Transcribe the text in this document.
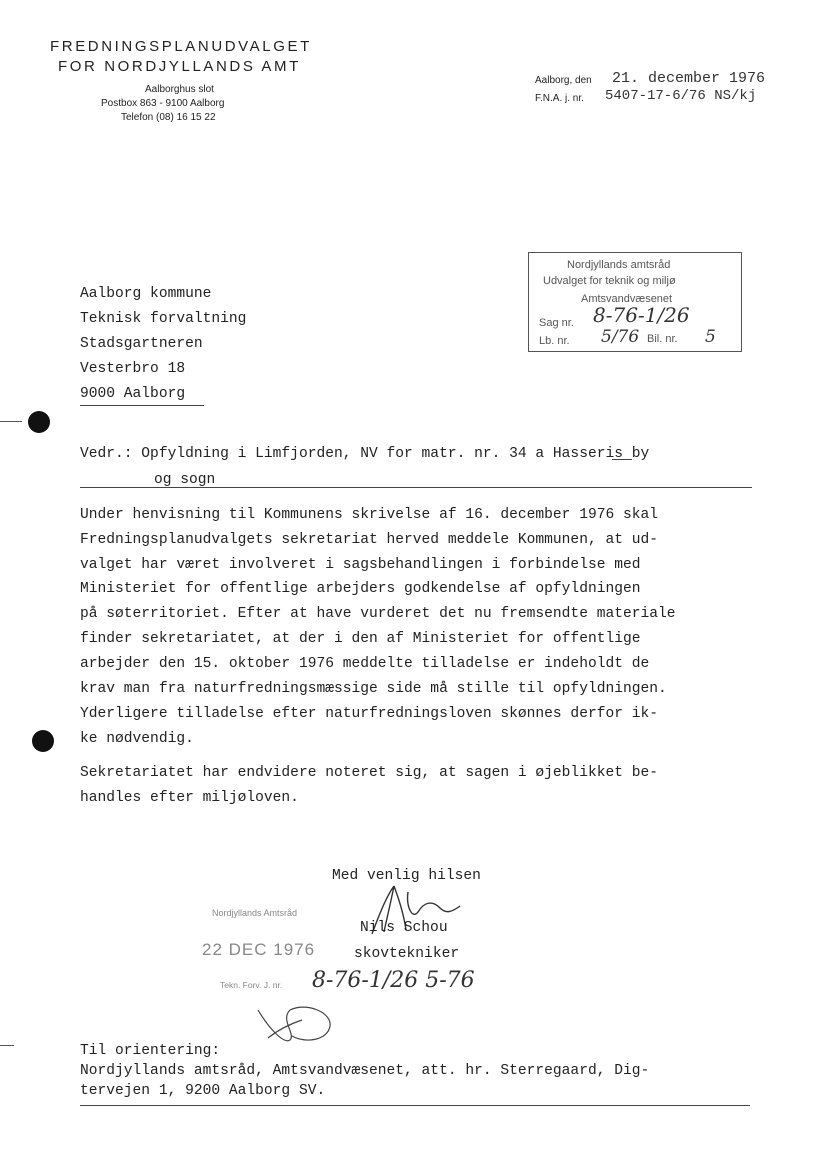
FREDNINGSPLANUDVALGET
FOR NORDJYLLANDS AMT
Aalborghus slot
Postbox 863 - 9100 Aalborg
Telefon (08) 16 15 22
Aalborg, den 21. december 1976
F.N.A. j. nr. 5407-17-6/76 NS/kj
Aalborg kommune
Teknisk forvaltning
Stadsgartneren
Vesterbro 18
9000 Aalborg
Nordjyllands amtsråd
Udvalget for teknik og miljø
Amtsvandvæsenet
Sag nr. 8-76-1/26
Lb. nr. 5/76 Bil. nr. 5
Vedr.: Opfyldning i Limfjorden, NV for matr. nr. 34 a Hasseris by
og sogn
Under henvisning til Kommunens skrivelse af 16. december 1976 skal
Fredningsplanudvalgets sekretariat herved meddele Kommunen, at ud-
valget har været involveret i sagsbehandlingen i forbindelse med
Ministeriet for offentlige arbejders godkendelse af opfyldningen
på søterritoriet. Efter at have vurderet det nu fremsendte materiale
finder sekretariatet, at der i den af Ministeriet for offentlige
arbejder den 15. oktober 1976 meddelte tilladelse er indeholdt de
krav man fra naturfredningsmæssige side må stille til opfyldningen.
Yderligere tilladelse efter naturfredningsloven skønnes derfor ik-
ke nødvendig.
Sekretariatet har endvidere noteret sig, at sagen i øjeblikket be-
handles efter miljøloven.
Med venlig hilsen
Nils Schou
skovtekniker
Nordjyllands Amtsråd
22 DEC 1976
Tekn. Forv. J. nr. 8-76-1/26 5-76
Til orientering:
Nordjyllands amtsråd, Amtsvandvæsenet, att. hr. Sterregaard, Dig-
tervejen 1, 9200 Aalborg SV.
